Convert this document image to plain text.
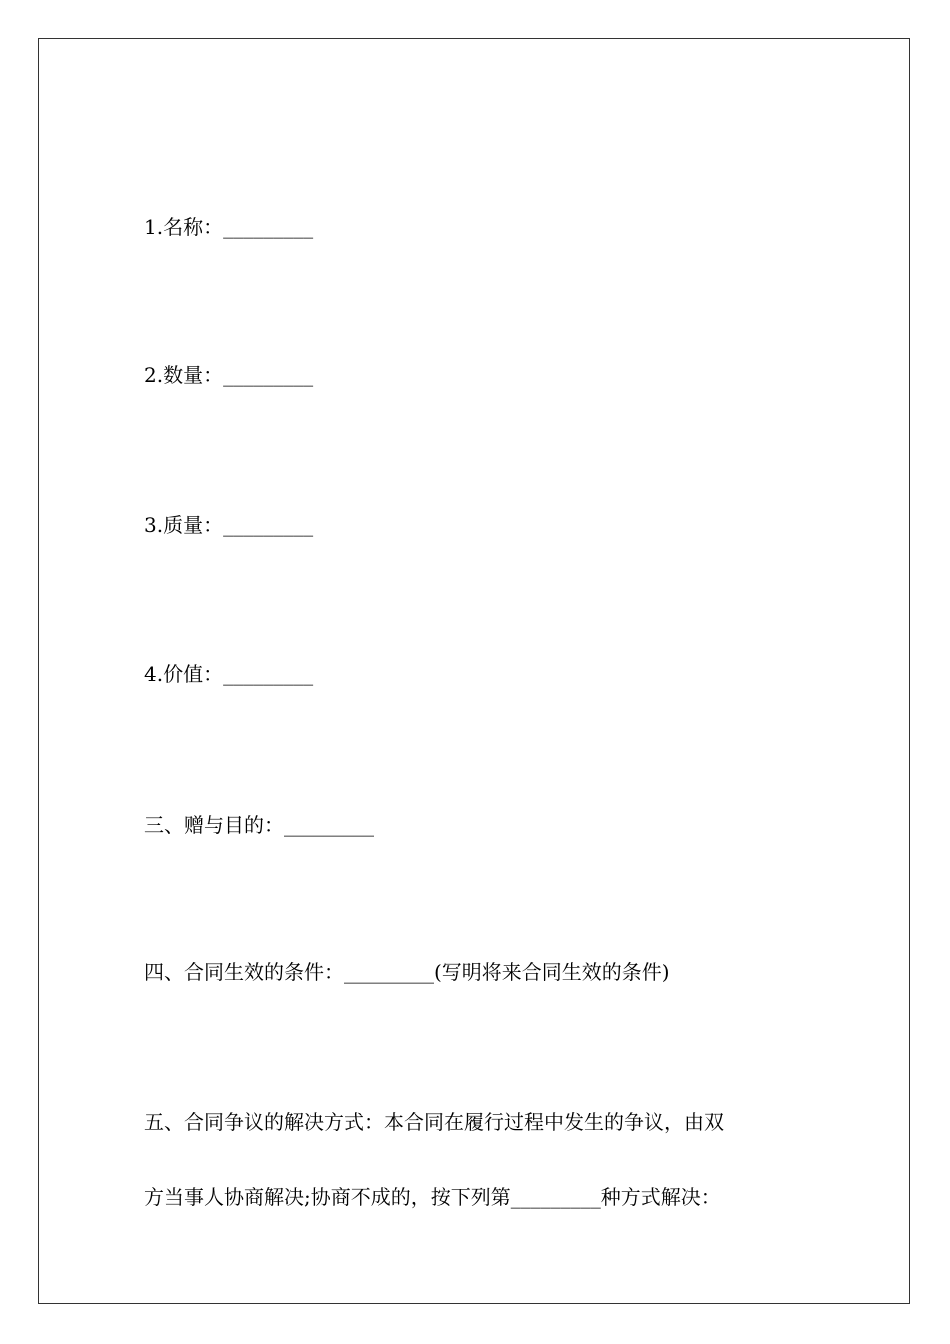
1.名称：_________
2.数量：_________
3.质量：_________
4.价值：_________
三、赠与目的：_________
四、合同生效的条件：_________(写明将来合同生效的条件)
五、合同争议的解决方式：本合同在履行过程中发生的争议，由双
方当事人协商解决;协商不成的，按下列第_________种方式解决：
